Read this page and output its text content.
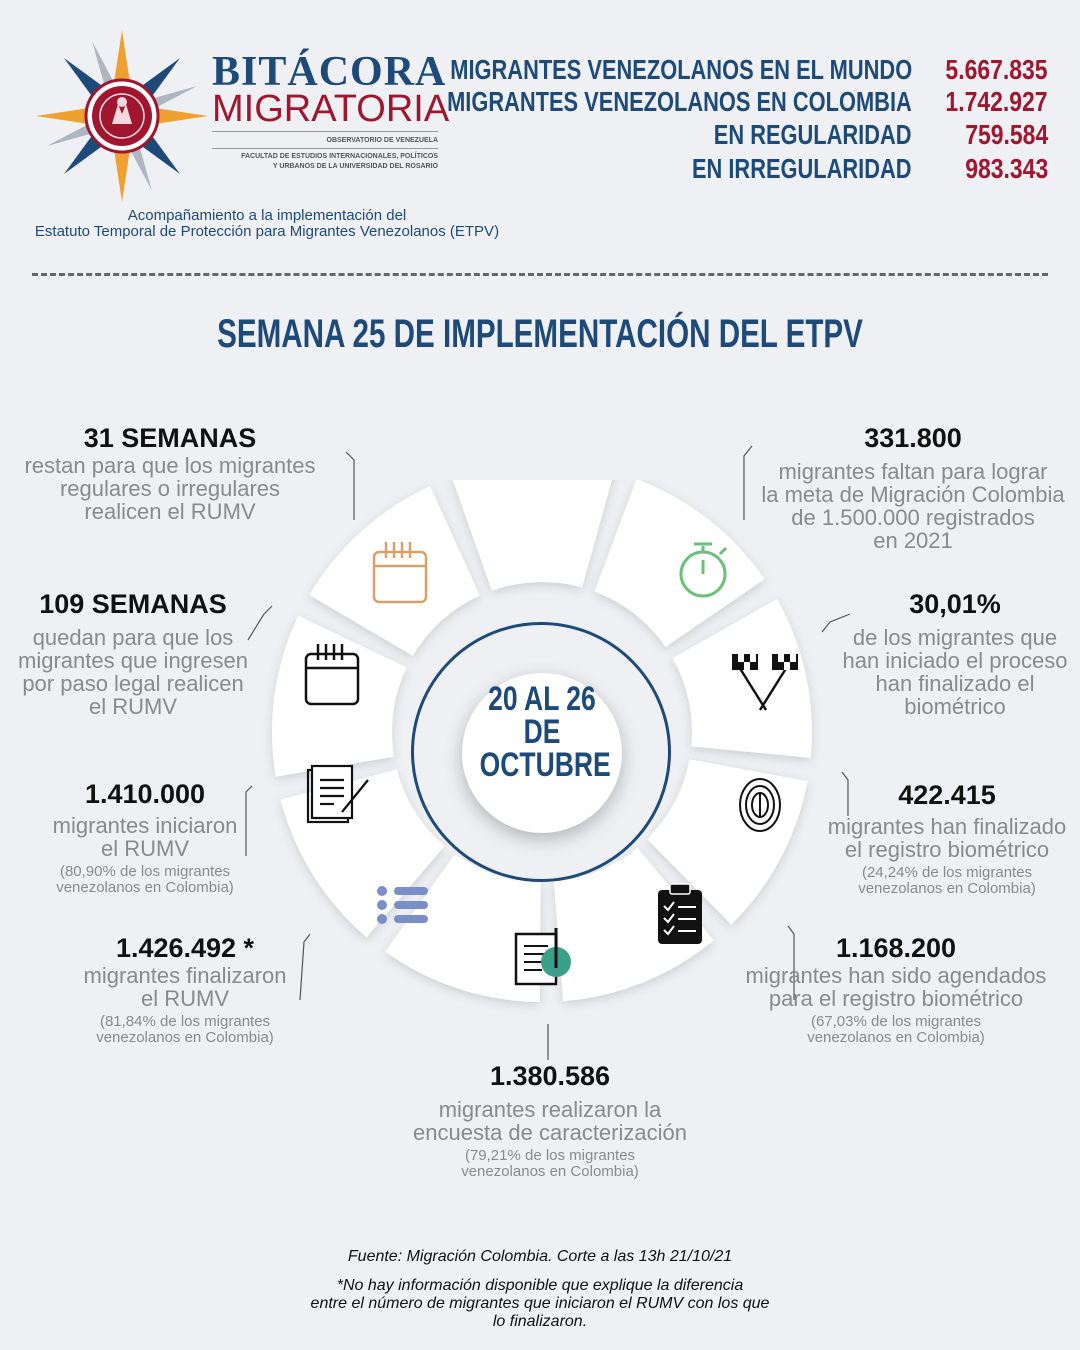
BITÁCORA
MIGRATORIA
OBSERVATORIO DE VENEZUELA
FACULTAD DE ESTUDIOS INTERNACIONALES, POLÍTICOS
Y URBANOS DE LA UNIVERSIDAD DEL ROSARIO
Acompañamiento a la implementación del
Estatuto Temporal de Protección para Migrantes Venezolanos (ETPV)
MIGRANTES VENEZOLANOS EN EL MUNDO 5.667.835
MIGRANTES VENEZOLANOS EN COLOMBIA 1.742.927
EN REGULARIDAD 759.584
EN IRREGULARIDAD 983.343
SEMANA 25 DE IMPLEMENTACIÓN DEL ETPV
20 AL 26
DE
OCTUBRE
31 SEMANAS
restan para que los migrantes
regulares o irregulares
realicen el RUMV
109 SEMANAS
quedan para que los
migrantes que ingresen
por paso legal realicen
el RUMV
1.410.000
migrantes iniciaron
el RUMV
(80,90% de los migrantes
venezolanos en Colombia)
1.426.492 *
migrantes finalizaron
el RUMV
(81,84% de los migrantes
venezolanos en Colombia)
1.380.586
migrantes realizaron la
encuesta de caracterización
(79,21% de los migrantes
venezolanos en Colombia)
1.168.200
migrantes han sido agendados
para el registro biométrico
(67,03% de los migrantes
venezolanos en Colombia)
422.415
migrantes han finalizado
el registro biométrico
(24,24% de los migrantes
venezolanos en Colombia)
30,01%
de los migrantes que
han iniciado el proceso
han finalizado el
biométrico
331.800
migrantes faltan para lograr
la meta de Migración Colombia
de 1.500.000 registrados
en 2021
Fuente: Migración Colombia. Corte a las 13h 21/10/21
*No hay información disponible que explique la diferencia
entre el número de migrantes que iniciaron el RUMV con los que
lo finalizaron.
